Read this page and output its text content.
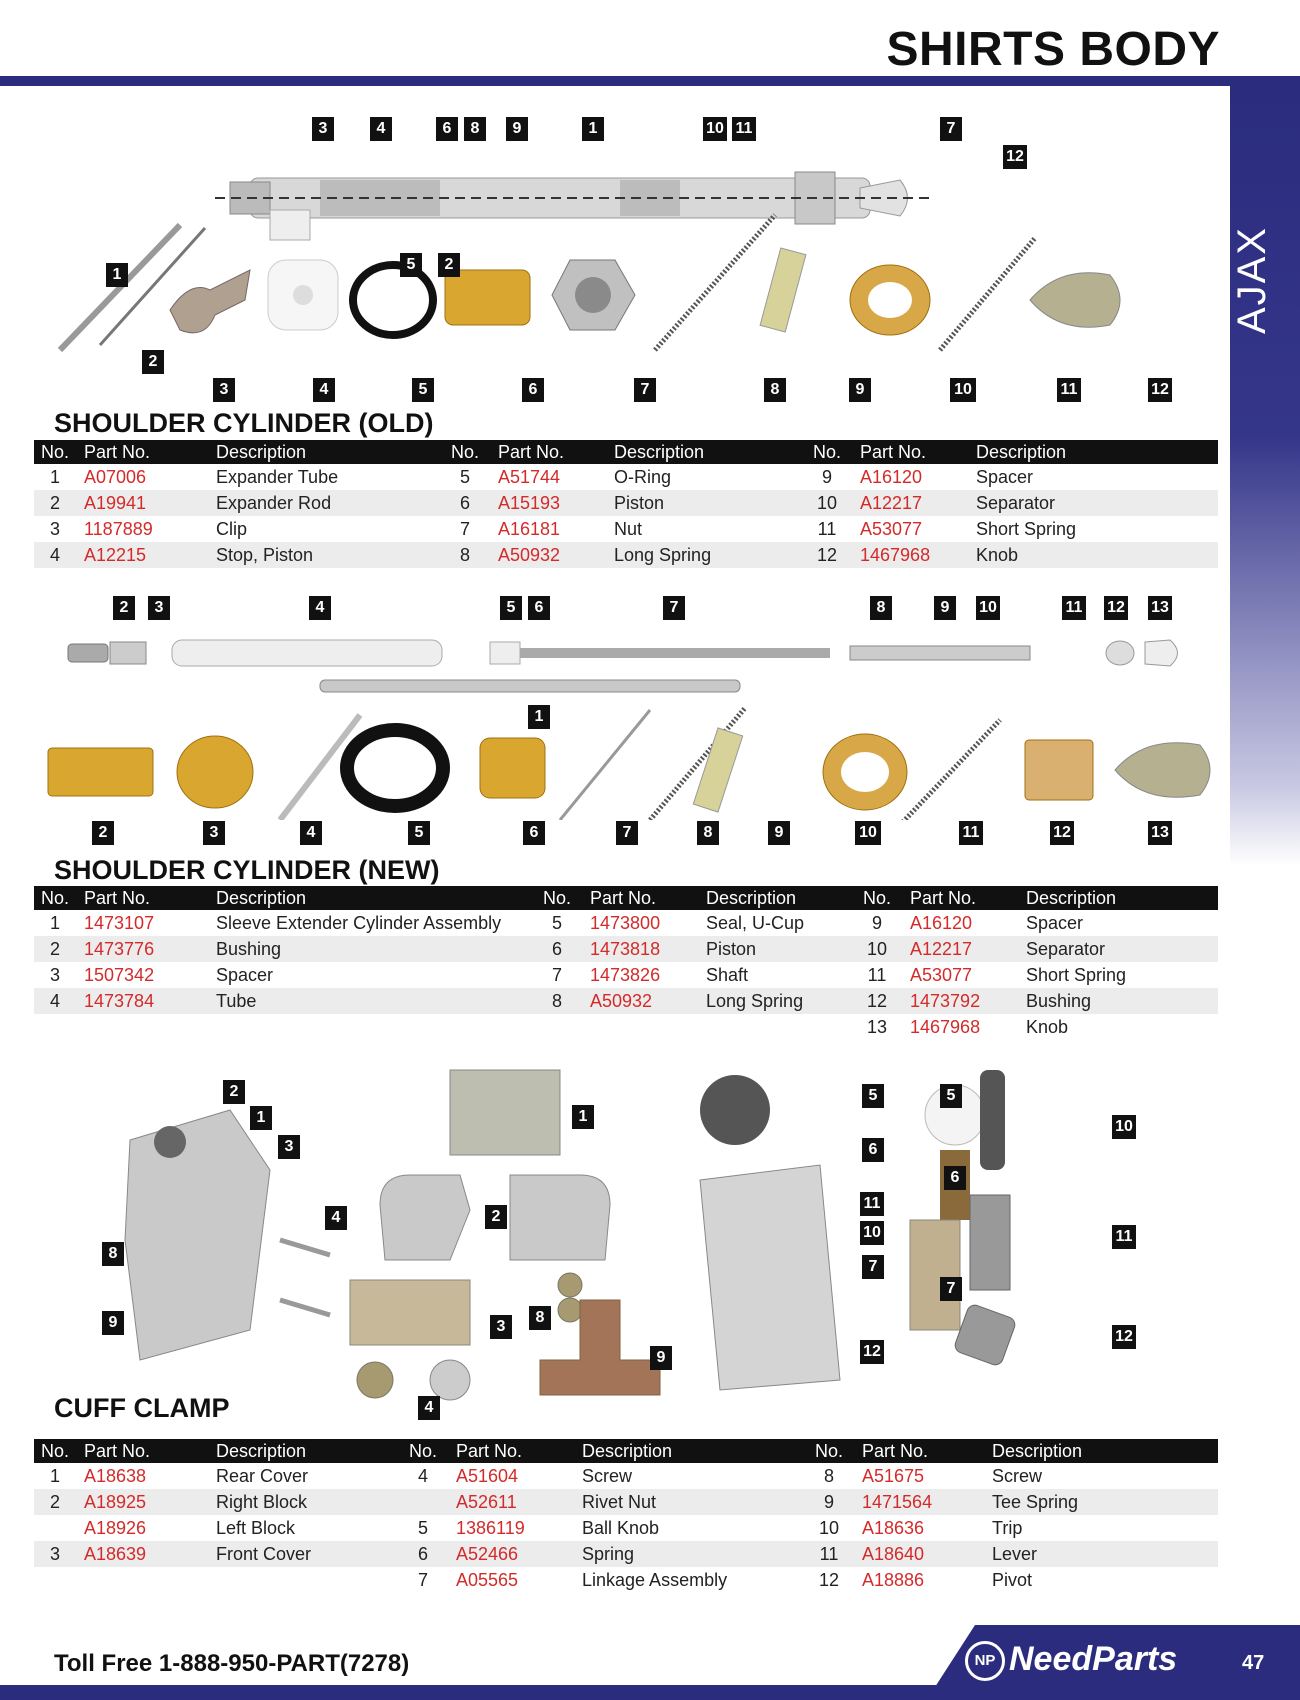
SHIRTS BODY
AJAX
3	4	6	8	9	1	10 11	7
12
5	2
1
2
3	4	5	6	7	8	9	10	11	12
SHOULDER CYLINDER (OLD)
No.	Part No.	Description	No.	Part No.	Description	No.	Part No.	Description
1	A07006	Expander Tube	5	A51744	O-Ring	9	A16120	Spacer
2	A19941	Expander Rod	6	A15193	Piston	10	A12217	Separator
3	1187889	Clip	7	A16181	Nut	11	A53077	Short Spring
4	A12215	Stop, Piston	8	A50932	Long Spring	12	1467968	Knob
2	3	4	5	6	7	8	9	10	11 12 13
1
2	3	4	5	6	7	8	9	10	11	12	13
SHOULDER CYLINDER (NEW)
No.	Part No.	Description	No.	Part No.	Description	No.	Part No.	Description
1	1473107	Sleeve Extender Cylinder Assembly	5	1473800	Seal, U-Cup	9	A16120	Spacer
2	1473776	Bushing	6	1473818	Piston	10	A12217	Separator
3	1507342	Spacer	7	1473826	Shaft	11	A53077	Short Spring
4	1473784	Tube	8	A50932	Long Spring	12	1473792	Bushing
						13	1467968	Knob
2
1
3
4
8
9
1
2
3
8
4
9
5
6
11
10
7
12
5
10
6
11
7
12
CUFF CLAMP
No.	Part No.	Description	No.	Part No.	Description	No.	Part No.	Description
1	A18638	Rear Cover	4	A51604	Screw	8	A51675	Screw
2	A18925	Right Block		A52611	Rivet Nut	9	1471564	Tee Spring
	A18926	Left Block	5	1386119	Ball Knob	10	A18636	Trip
3	A18639	Front Cover	6	A52466	Spring	11	A18640	Lever
			7	A05565	Linkage Assembly	12	A18886	Pivot
Toll Free 1-888-950-PART(7278)	NP NeedParts	47
